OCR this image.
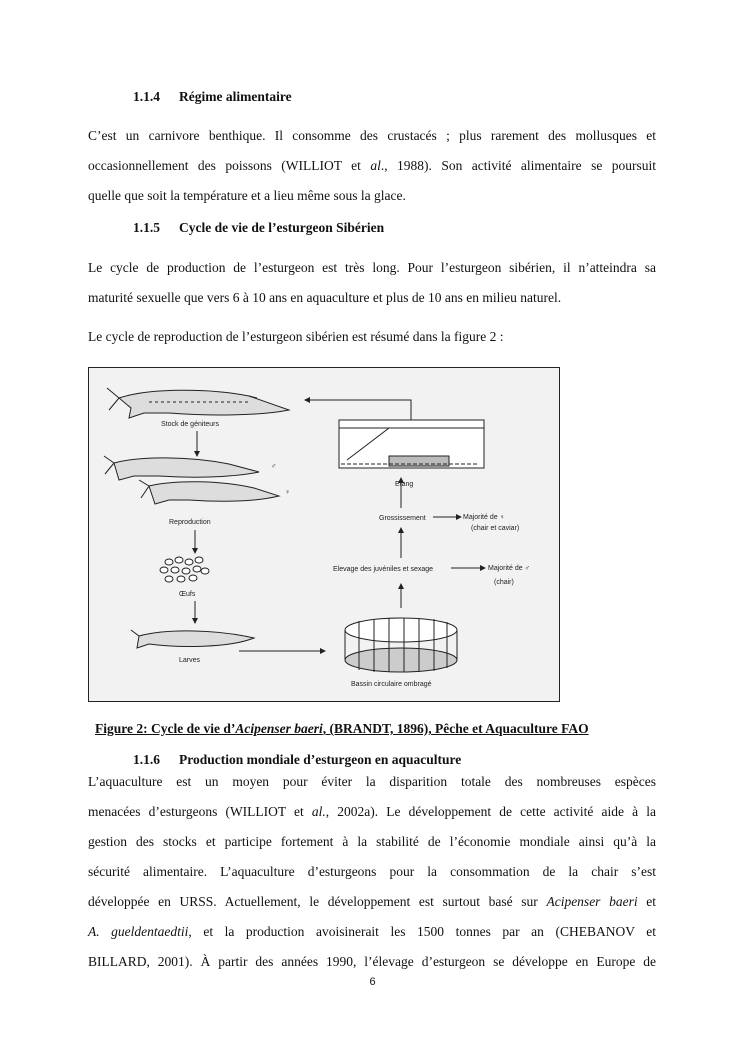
1.1.4 Régime alimentaire
C’est un carnivore benthique. Il consomme des crustacés ; plus rarement des mollusques et
occasionnellement des poissons (WILLIOT et al., 1988). Son activité alimentaire se poursuit
quelle que soit la température et a lieu même sous la glace.
1.1.5 Cycle de vie de l’esturgeon Sibérien
Le cycle de production de l’esturgeon est très long. Pour l’esturgeon sibérien, il n’atteindra sa
maturité sexuelle que vers 6 à 10 ans en aquaculture et plus de 10 ans en milieu naturel.
Le cycle de reproduction de l’esturgeon sibérien est résumé dans la figure 2 :
Stock de géniteurs
♂
♀
Reproduction
Œufs
Larves
Bassin circulaire ombragé
Elevage des juvéniles et sexage	Majorité de ♂
(chair)
Grossissement	Majorité de ♀
(chair et caviar)
Etang
Figure 2: Cycle de vie d’Acipenser baeri, (BRANDT, 1896), Pêche et Aquaculture FAO
1.1.6 Production mondiale d’esturgeon en aquaculture
L’aquaculture est un moyen pour éviter la disparition totale des nombreuses espèces
menacées d’esturgeons (WILLIOT et al., 2002a). Le développement de cette activité aide à la
gestion des stocks et participe fortement à la stabilité de l’économie mondiale ainsi qu’à la
sécurité alimentaire. L’aquaculture d’esturgeons pour la consommation de la chair s’est
développée en URSS. Actuellement, le développement est surtout basé sur Acipenser baeri et
A. gueldentaedtii, et la production avoisinerait les 1500 tonnes par an (CHEBANOV et
BILLARD, 2001). À partir des années 1990, l’élevage d’esturgeon se développe en Europe de
6
